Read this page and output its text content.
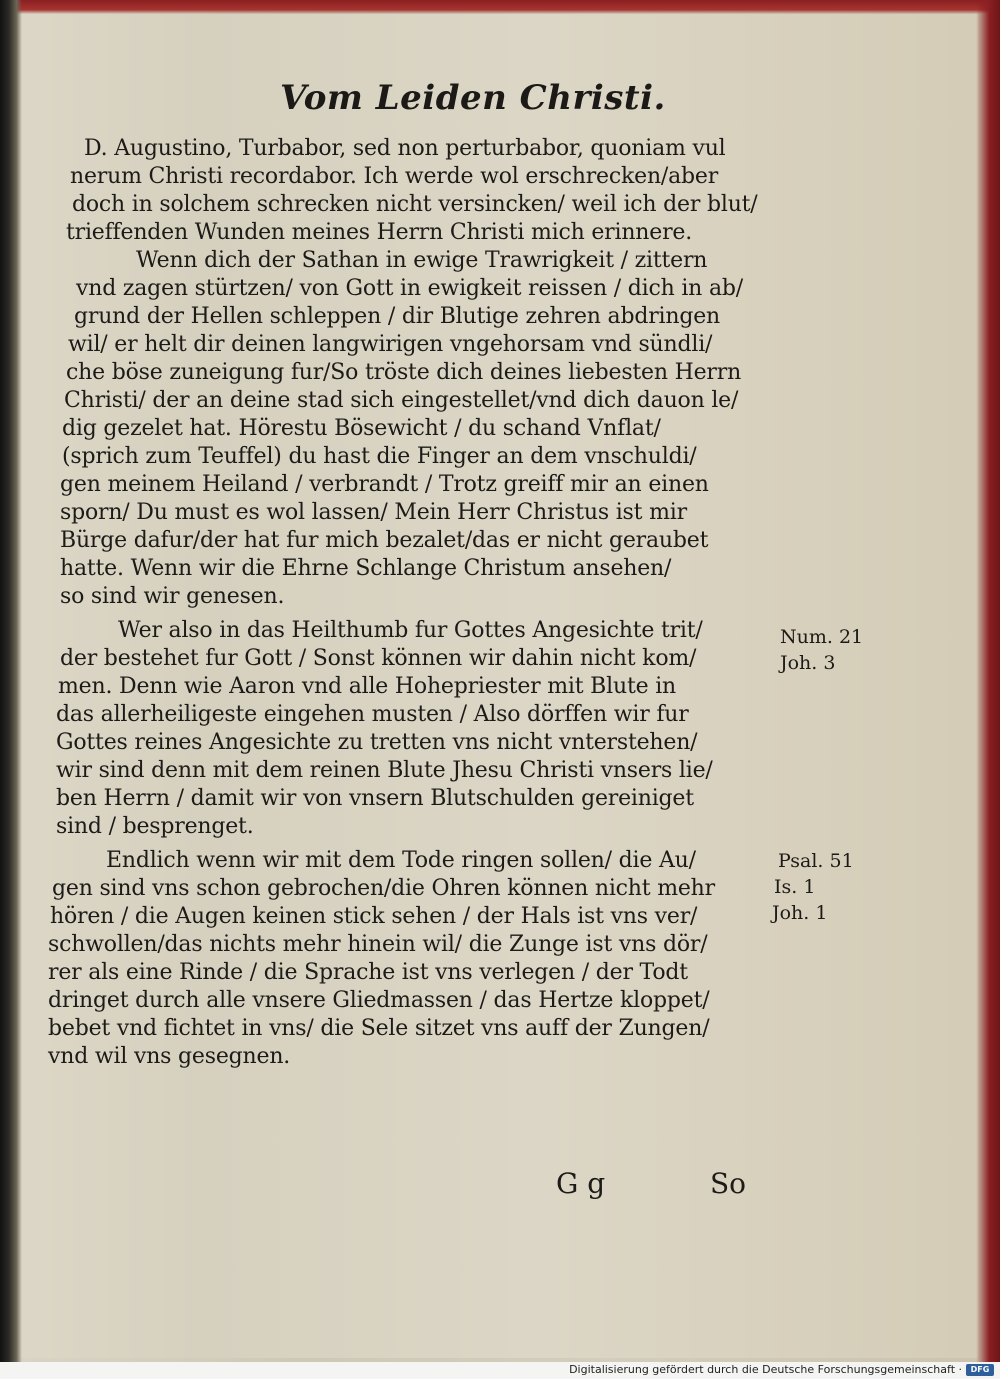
Vom Leiden Christi.
D. Augustino, Turbabor, sed non perturbabor, quoniam vul
nerum Christi recordabor. Ich werde wol erschrecken/aber
doch in solchem schrecken nicht versincken/ weil ich der blut/
trieffenden Wunden meines Herrn Christi mich erinnere.
Wenn dich der Sathan in ewige Trawrigkeit / zittern
vnd zagen stürtzen/ von Gott in ewigkeit reissen / dich in ab/
grund der Hellen schleppen / dir Blutige zehren abdringen
wil/ er helt dir deinen langwirigen vngehorsam vnd sündli/
che böse zuneigung fur/So tröste dich deines liebesten Herrn
Christi/ der an deine stad sich eingestellet/vnd dich dauon le/
dig gezelet hat. Hörestu Bösewicht / du schand Vnflat/
(sprich zum Teuffel) du hast die Finger an dem vnschuldi/
gen meinem Heiland / verbrandt / Trotz greiff mir an einen
sporn/ Du must es wol lassen/ Mein Herr Christus ist mir
Bürge dafur/der hat fur mich bezalet/das er nicht geraubet
hatte. Wenn wir die Ehrne Schlange Christum ansehen/
so sind wir genesen.
Wer also in das Heilthumb fur Gottes Angesichte trit/
der bestehet fur Gott / Sonst können wir dahin nicht kom/
men. Denn wie Aaron vnd alle Hohepriester mit Blute in
das allerheiligeste eingehen musten / Also dörffen wir fur
Gottes reines Angesichte zu tretten vns nicht vnterstehen/
wir sind denn mit dem reinen Blute Jhesu Christi vnsers lie/
ben Herrn / damit wir von vnsern Blutschulden gereiniget
sind / besprenget.
Endlich wenn wir mit dem Tode ringen sollen/ die Au/
gen sind vns schon gebrochen/die Ohren können nicht mehr
hören / die Augen keinen stick sehen / der Hals ist vns ver/
schwollen/das nichts mehr hinein wil/ die Zunge ist vns dör/
rer als eine Rinde / die Sprache ist vns verlegen / der Todt
dringet durch alle vnsere Gliedmassen / das Hertze kloppet/
bebet vnd fichtet in vns/ die Sele sitzet vns auff der Zungen/
vnd wil vns gesegnen.
Num. 21
Joh. 3
Psal. 51
Is. 1
Joh. 1
G g	So
Digitalisierung gefördert durch die Deutsche Forschungsgemeinschaft ·	DFG
